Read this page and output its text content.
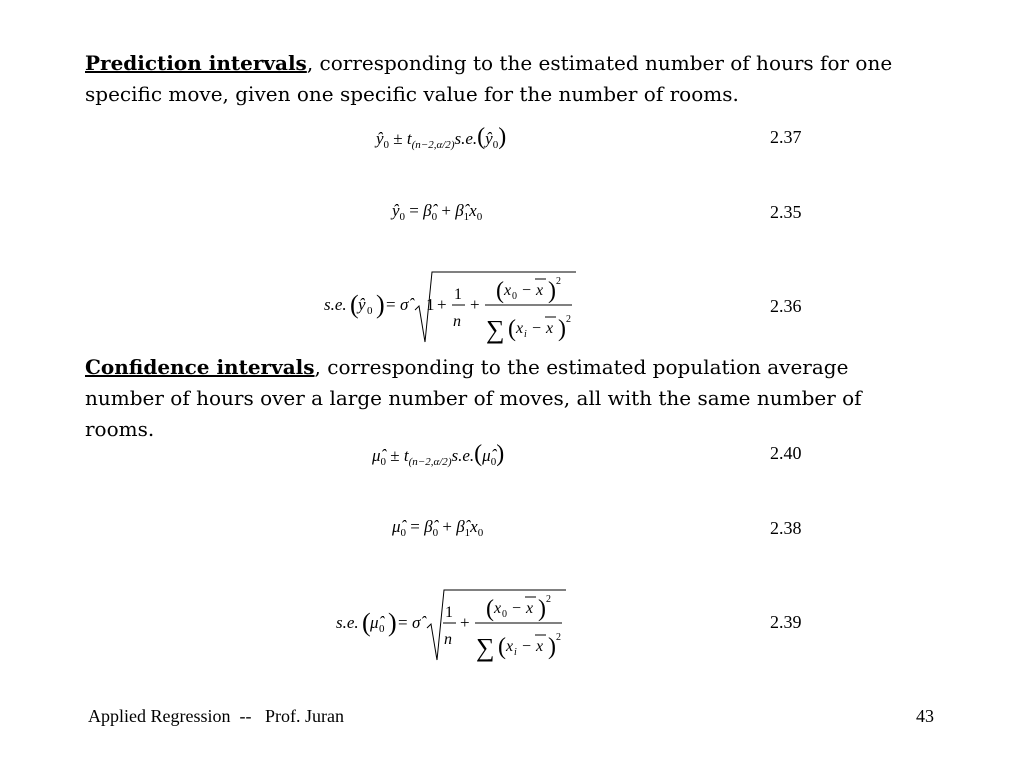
Prediction intervals, corresponding to the estimated number of hours for one specific move, given one specific value for the number of rooms.
$ŷ_0$ ± $t_{(n-2,\alpha/2)}s.e.(ŷ_0)$	2.37
$ŷ_0$ = $\betâ_0$ + $\betâ_1x_0$	2.35
s.e. ( ŷ 0 ) = σ̂	1 +
1
n
+
( x 0 − x ) 2
∑ ( x i − x ) 2
2.36
Confidence intervals, corresponding to the estimated population average number of hours over a large number of moves, all with the same number of rooms.
$\mû_0$ ± $t_{(n-2,\alpha/2)}s.e.(\mû_0)$	2.40
$\mû_0$ = $\betâ_0$ + $\betâ_1x_0$	2.38
s.e. ( μ̂ 0 ) = σ̂
1
n
+
( x 0 − x ) 2
∑ ( x i − x ) 2
2.39
Applied Regression  --   Prof. Juran	43
